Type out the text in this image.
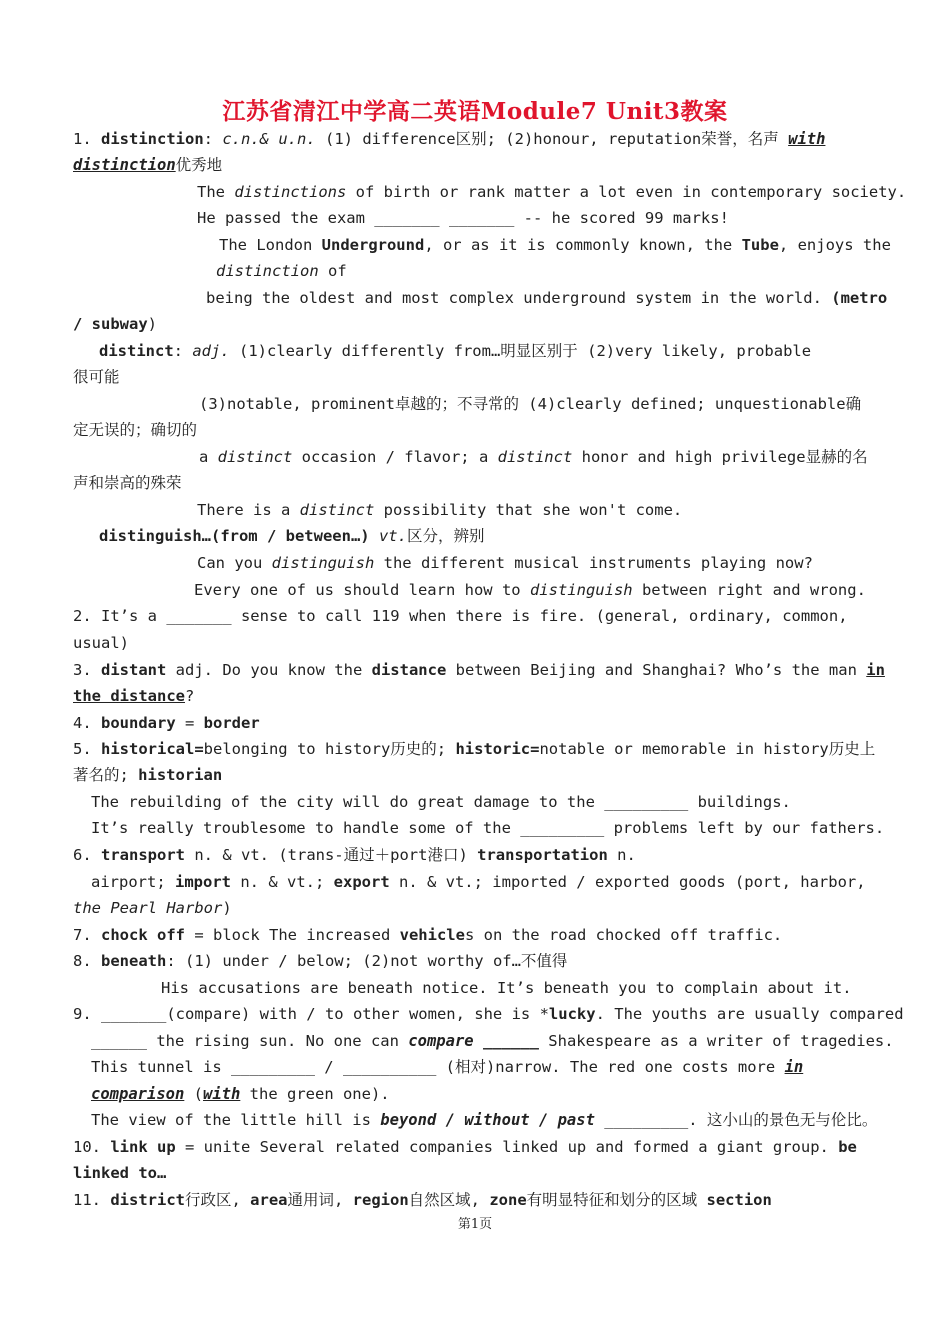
江苏省清江中学高二英语Module7 Unit3教案
1. distinction: c.n.& u.n. (1) difference区别; (2)honour, reputation荣誉，名声 with
distinction优秀地
The distinctions of birth or rank matter a lot even in contemporary society.
He passed the exam _______ _______ -- he scored 99 marks!
The London Underground, or as it is commonly known, the Tube, enjoys the
distinction of
being the oldest and most complex underground system in the world. (metro
/ subway)
distinct: adj. (1)clearly differently from…明显区别于 (2)very likely, probable
很可能
(3)notable, prominent卓越的；不寻常的 (4)clearly defined; unquestionable确
定无误的；确切的
a distinct occasion / flavor; a distinct honor and high privilege显赫的名
声和崇高的殊荣
There is a distinct possibility that she won't come.
distinguish…(from / between…) vt.区分，辨别
Can you distinguish the different musical instruments playing now?
Every one of us should learn how to distinguish between right and wrong.
2. It’s a _______ sense to call 119 when there is fire. (general, ordinary, common,
usual)
3. distant adj. Do you know the distance between Beijing and Shanghai? Who’s the man in
the distance?
4. boundary = border
5. historical=belonging to history历史的; historic=notable or memorable in history历史上
著名的; historian
The rebuilding of the city will do great damage to the _________ buildings.
It’s really troublesome to handle some of the _________ problems left by our fathers.
6. transport n. & vt. (trans-通过＋port港口) transportation n.
airport; import n. & vt.; export n. & vt.; imported / exported goods (port, harbor,
the Pearl Harbor)
7. chock off = block The increased vehicles on the road chocked off traffic.
8. beneath: (1) under / below; (2)not worthy of…不值得
His accusations are beneath notice. It’s beneath you to complain about it.
9. _______(compare) with / to other women, she is *lucky. The youths are usually compared
______ the rising sun. No one can compare ______ Shakespeare as a writer of tragedies.
This tunnel is _________ / __________ (相对)narrow. The red one costs more in
comparison (with the green one).
The view of the little hill is beyond / without / past _________. 这小山的景色无与伦比。
10. link up = unite Several related companies linked up and formed a giant group. be
linked to…
11. district行政区, area通用词, region自然区域, zone有明显特征和划分的区域 section
第1页
